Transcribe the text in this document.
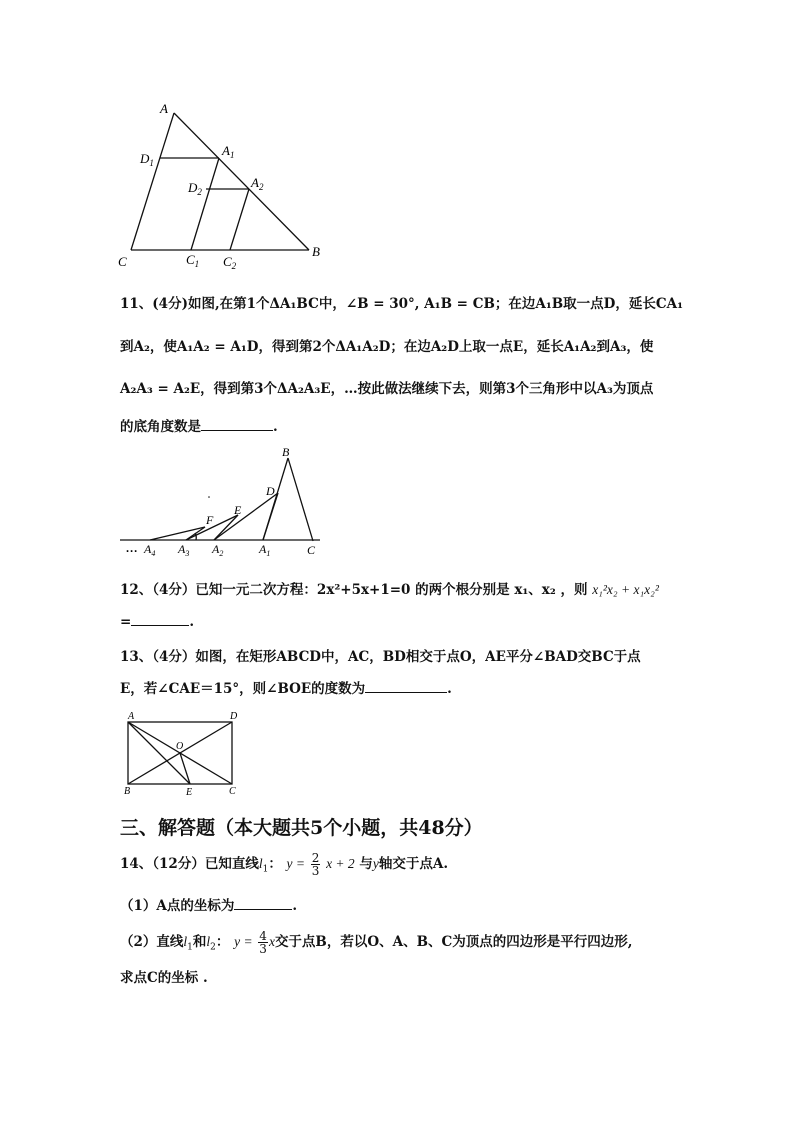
A
$D_1$
$A_1$
$D_2$
$A_2$
C	$C_1$ $C_2$
B
11、(4分)如图,在第1个ΔA₁BC中，∠B = 30°, A₁B = CB；在边A₁B取一点D，延长CA₁
到A₂，使A₁A₂ = A₁D，得到第2个ΔA₁A₂D；在边A₂D上取一点E，延长A₁A₂到A₃，使
A₂A₃ = A₂E，得到第3个ΔA₂A₃E，…按此做法继续下去，则第3个三角形中以A₃为顶点
的底角度数是	.
B
D
E
F
… $A_4$ $A_3$ $A_2$	$A_1$	C
12、（4分）已知一元二次方程：2x²+5x+1=0 的两个根分别是 x₁、x₂ ，则 x₁²x₂ + x₁x₂²
=	.
13、（4分）如图，在矩形ABCD中，AC，BD相交于点O，AE平分∠BAD交BC于点
E，若∠CAE＝15°，则∠BOE的度数为	.
A	D
O
B	E	C
三、解答题（本大题共5个小题，共48分）
14、（12分）已知直线$l_1$： $y = \frac{2}{3}$ x + 2 与y轴交于点A.
（1）A点的坐标为	.
（2）直线$l_1$和$l_2$： $y = \frac{4}{3}$ x交于点B，若以O、A、B、C为顶点的四边形是平行四边形,
求点C的坐标 .
